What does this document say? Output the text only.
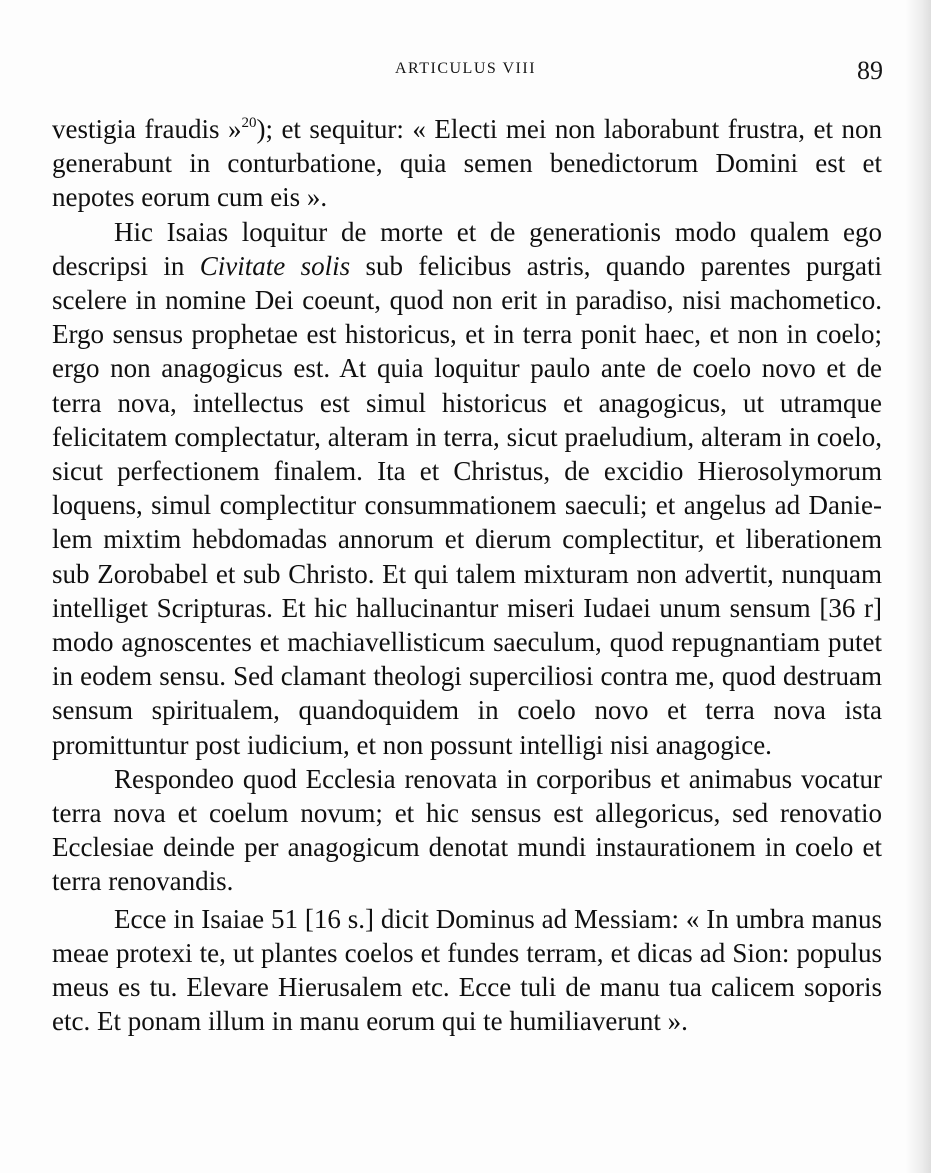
ARTICULUS VIII	89

vestigia fraudis »$^{20}$); et sequitur: « Electi mei non laborabunt frustra, et non generabunt in conturbatione, quia semen benedictorum Domini est et nepotes eorum cum eis ».

Hic Isaias loquitur de morte et de generationis modo qualem ego descripsi in Civitate solis sub felicibus astris, quando parentes purgati scelere in nomine Dei coeunt, quod non erit in paradiso, nisi machometico. Ergo sensus prophetae est historicus, et in terra ponit haec, et non in coelo; ergo non anagogicus est. At quia loquitur paulo ante de coelo novo et de terra nova, intellectus est simul historicus et anagogicus, ut utramque felicitatem complectatur, alteram in terra, sicut praeludium, alteram in coelo, sicut perfectionem finalem. Ita et Christus, de excidio Hierosolymorum loquens, simul complectitur consummationem saeculi; et angelus ad Danielem mixtim hebdomadas annorum et dierum complectitur, et liberationem sub Zorobabel et sub Christo. Et qui talem mixturam non advertit, nunquam intelliget Scripturas. Et hic hallucinantur miseri Iudaei unum sensum [36 r] modo agnoscentes et machiavellisticum saeculum, quod repugnantiam putet in eodem sensu. Sed clamant theologi superciliosi contra me, quod destruam sensum spiritualem, quandoquidem in coelo novo et terra nova ista promittuntur post iudicium, et non possunt intelligi nisi anagogice.

Respondeo quod Ecclesia renovata in corporibus et animabus vocatur terra nova et coelum novum; et hic sensus est allegoricus, sed renovatio Ecclesiae deinde per anagogicum denotat mundi instaurationem in coelo et terra renovandis.

Ecce in Isaiae 51 [16 s.] dicit Dominus ad Messiam: « In umbra manus meae protexi te, ut plantes coelos et fundes terram, et dicas ad Sion: populus meus es tu. Elevare Hierusalem etc. Ecce tuli de manu tua calicem soporis etc. Et ponam illum in manu eorum qui te humiliaverunt ».
